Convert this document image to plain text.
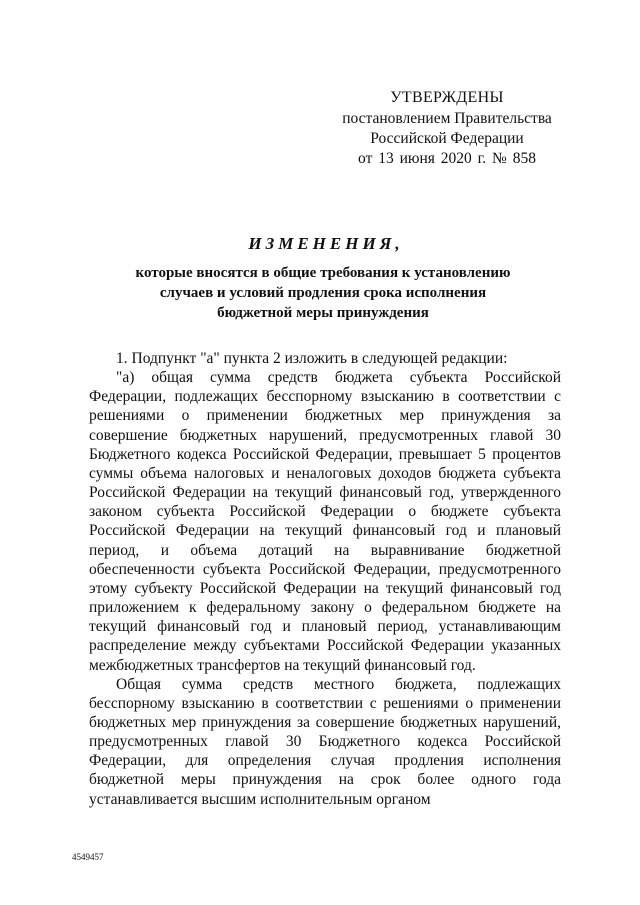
УТВЕРЖДЕНЫ
постановлением Правительства
Российской Федерации
от 13 июня 2020 г. № 858
ИЗМЕНЕНИЯ,
которые вносятся в общие требования к установлению
случаев и условий продления срока исполнения
бюджетной меры принуждения

1. Подпункт "а" пункта 2 изложить в следующей редакции:

"а) общая сумма средств бюджета субъекта Российской Федерации, подлежащих бесспорному взысканию в соответствии с решениями о применении бюджетных мер принуждения за совершение бюджетных нарушений, предусмотренных главой 30 Бюджетного кодекса Российской Федерации, превышает 5 процентов суммы объема налоговых и неналоговых доходов бюджета субъекта Российской Федерации на текущий финансовый год, утвержденного законом субъекта Российской Федерации о бюджете субъекта Российской Федерации на текущий финансовый год и плановый период, и объема дотаций на выравнивание бюджетной обеспеченности субъекта Российской Федерации, предусмотренного этому субъекту Российской Федерации на текущий финансовый год приложением к федеральному закону о федеральном бюджете на текущий финансовый год и плановый период, устанавливающим распределение между субъектами Российской Федерации указанных межбюджетных трансфертов на текущий финансовый год.

Общая сумма средств местного бюджета, подлежащих бесспорному взысканию в соответствии с решениями о применении бюджетных мер принуждения за совершение бюджетных нарушений, предусмотренных главой 30 Бюджетного кодекса Российской Федерации, для определения случая продления исполнения бюджетной меры принуждения на срок более одного года устанавливается высшим исполнительным органом

4549457
